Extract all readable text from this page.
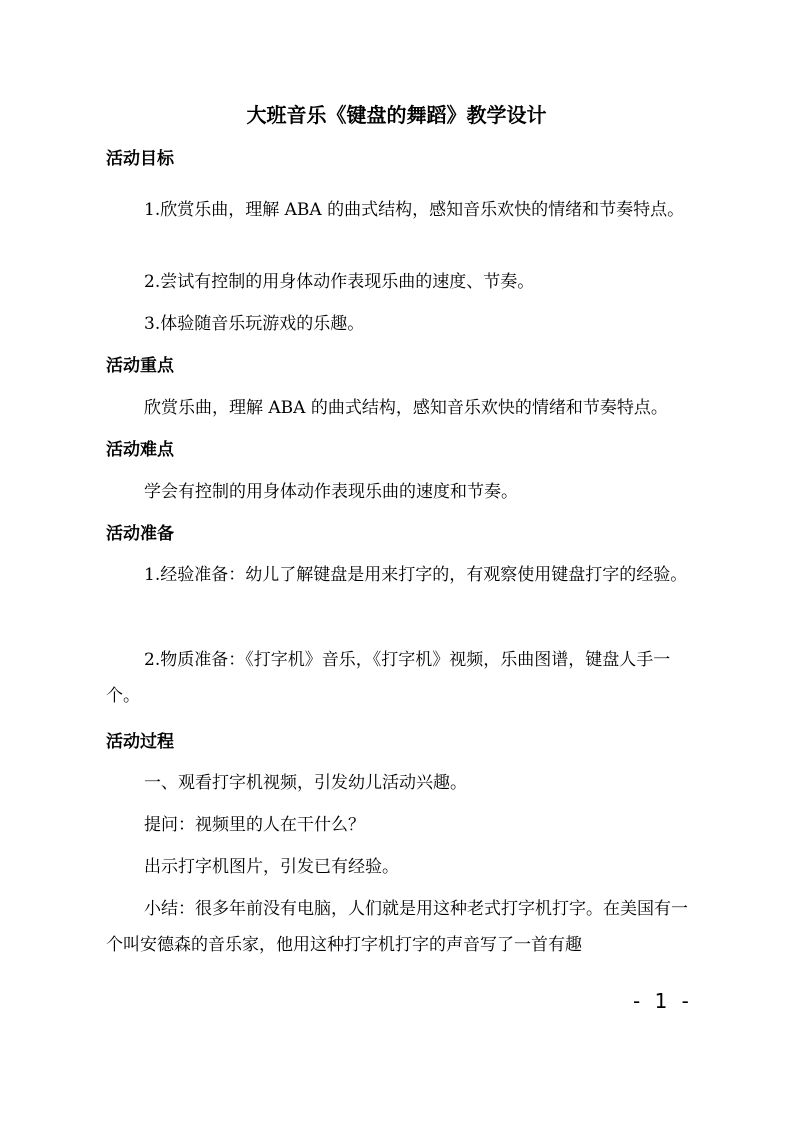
大班音乐《键盘的舞蹈》教学设计
活动目标

1.欣赏乐曲，理解 ABA 的曲式结构，感知音乐欢快的情绪和节奏特点。

2.尝试有控制的用身体动作表现乐曲的速度、节奏。

3.体验随音乐玩游戏的乐趣。

活动重点

欣赏乐曲，理解 ABA 的曲式结构，感知音乐欢快的情绪和节奏特点。

活动难点

学会有控制的用身体动作表现乐曲的速度和节奏。

活动准备

1.经验准备：幼儿了解键盘是用来打字的，有观察使用键盘打字的经验。

2.物质准备：《打字机》音乐，《打字机》视频，乐曲图谱，键盘人手一个。

活动过程

一、观看打字机视频，引发幼儿活动兴趣。

提问：视频里的人在干什么？

出示打字机图片，引发已有经验。

小结：很多年前没有电脑，人们就是用这种老式打字机打字。在美国有一个叫安德森的音乐家，他用这种打字机打字的声音写了一首有趣

- 1 -
